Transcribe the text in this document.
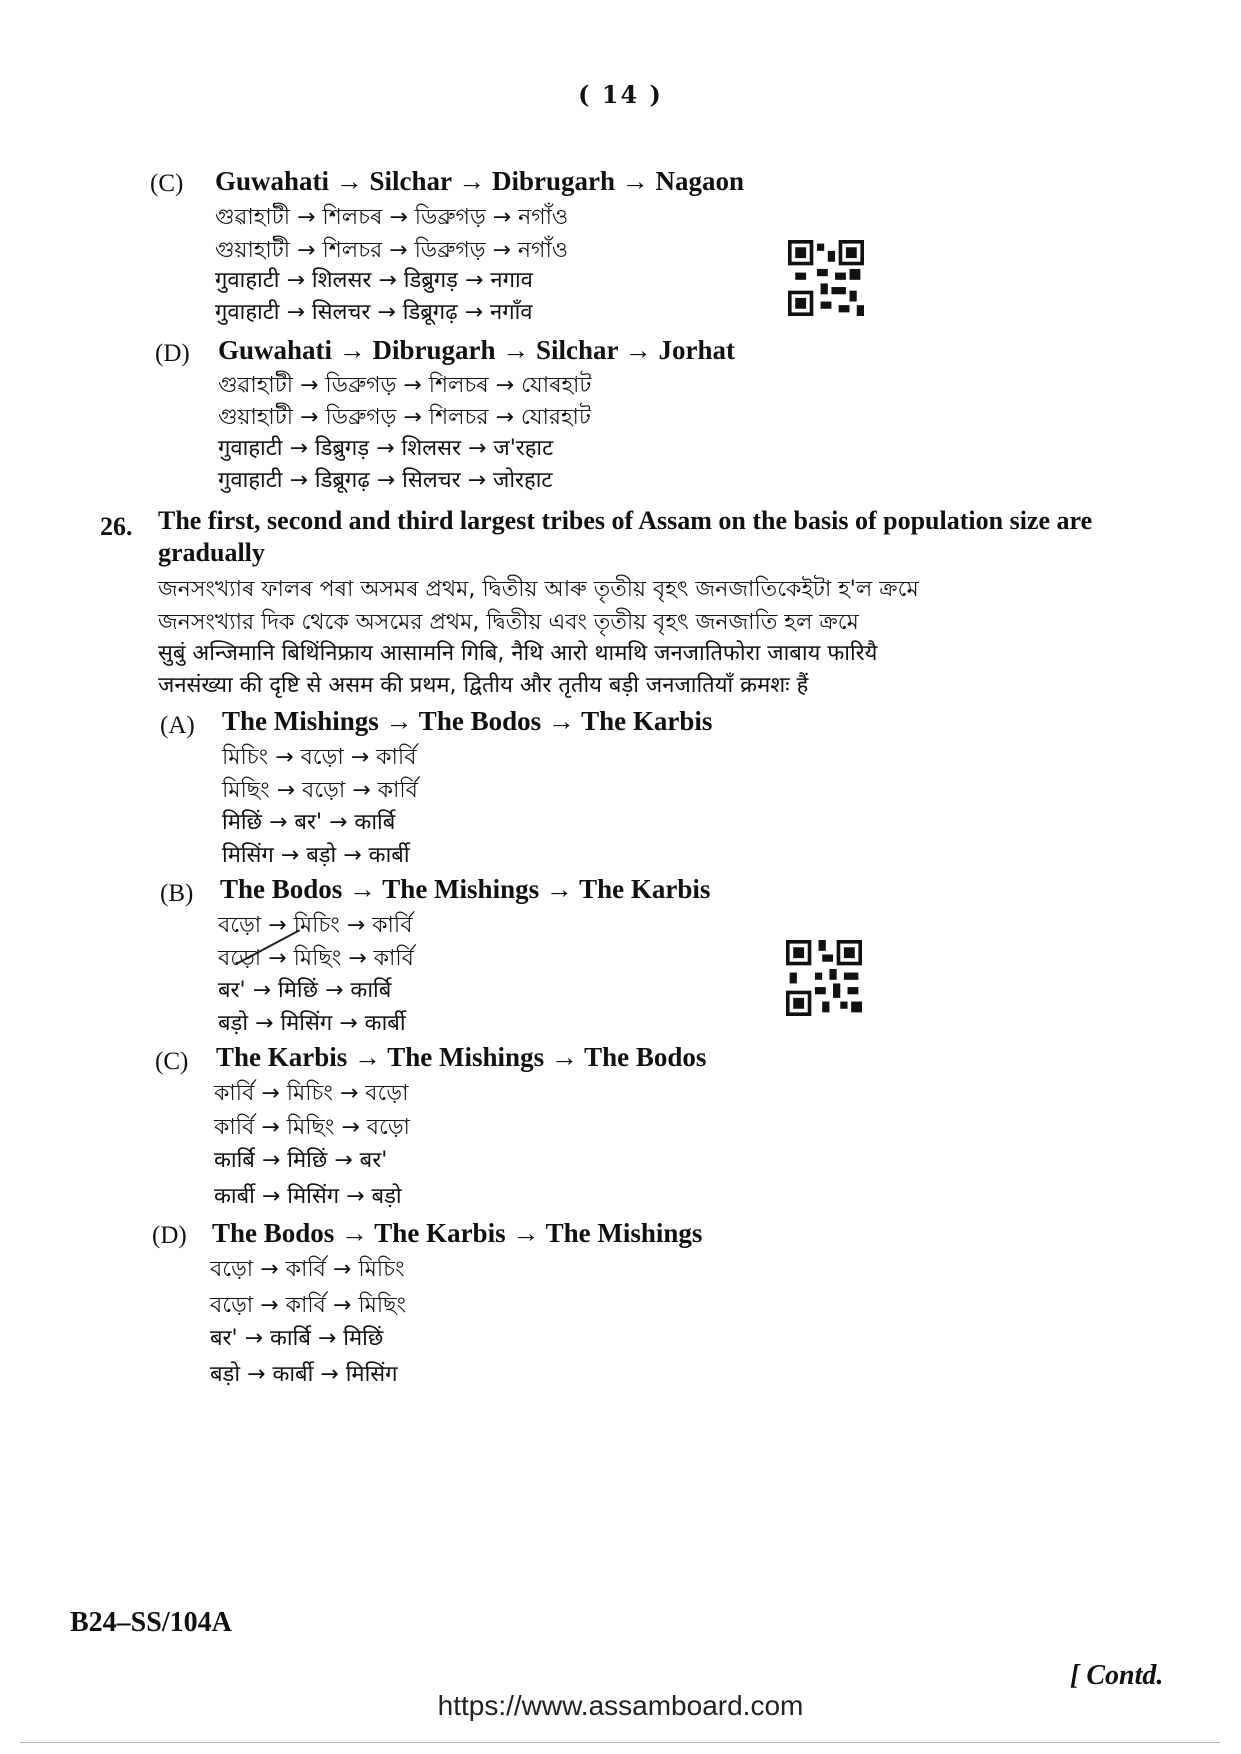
( 14 )
(C) Guwahati → Silchar → Dibrugarh → Nagaon
গুৱাহাটী → শিলচৰ → ডিব্ৰুগড় → নগাঁও
গুয়াহাটী → শিলচর → ডিব্রুগড় → নগাঁও
गुवाहाटी → शिलसर → डिब्रुगड़ → नगाव
गुवाहाटी → सिलचर → डिब्रूगढ़ → नगाँव
(D) Guwahati → Dibrugarh → Silchar → Jorhat
গুৱাহাটী → ডিব্ৰুগড় → শিলচৰ → যোৰহাট
গুয়াহাটী → ডিব্রুগড় → শিলচর → যোরহাট
गुवाहाटी → डिब्रुगड़ → शिलसर → ज'रहाट
गुवाहाटी → डिब्रूगढ़ → सिलचर → जोरहाट
26. The first, second and third largest tribes of Assam on the basis of population size are gradually
জনসংখ্যাৰ ফালৰ পৰা অসমৰ প্ৰথম, দ্বিতীয় আৰু তৃতীয় বৃহৎ জনজাতিকেইটা হ'ল ক্ৰমে
জনসংখ্যার দিক থেকে অসমের প্রথম, দ্বিতীয় এবং তৃতীয় বৃহৎ জনজাতি হল ক্রমে
सुबुं अन्जिमानि बिथिंनिफ्राय आसामनि गिबि, नैथि आरो थामथि जनजातिफोरा जाबाय फारियै
जनसंख्या की दृष्टि से असम की प्रथम, द्वितीय और तृतीय बड़ी जनजातियाँ क्रमशः हैं
(A) The Mishings → The Bodos → The Karbis
মিচিং → বড়ো → কাৰ্বি
মিছিং → বড়ো → কার্বি
मिछिं → बर' → कार्बि
मिसिंग → बड़ो → कार्बी
(B) The Bodos → The Mishings → The Karbis
বড়ো → মিচিং → কাৰ্বি
বড়ো → মিছিং → কার্বি
बर' → मिछिं → कार्बि
बड़ो → मिसिंग → कार्बी
(C) The Karbis → The Mishings → The Bodos
কাৰ্বি → মিচিং → বড়ো
কার্বি → মিছিং → বড়ো
कार्बि → मिछिं → बर'
कार्बी → मिसिंग → बड़ो
(D) The Bodos → The Karbis → The Mishings
বড়ো → কাৰ্বি → মিচিং
বড়ো → কার্বি → মিছিং
बर' → कार्बि → मिछिं
बड़ो → कार्बी → मिसिंग
B24–SS/104A
[ Contd.
https://www.assamboard.com
